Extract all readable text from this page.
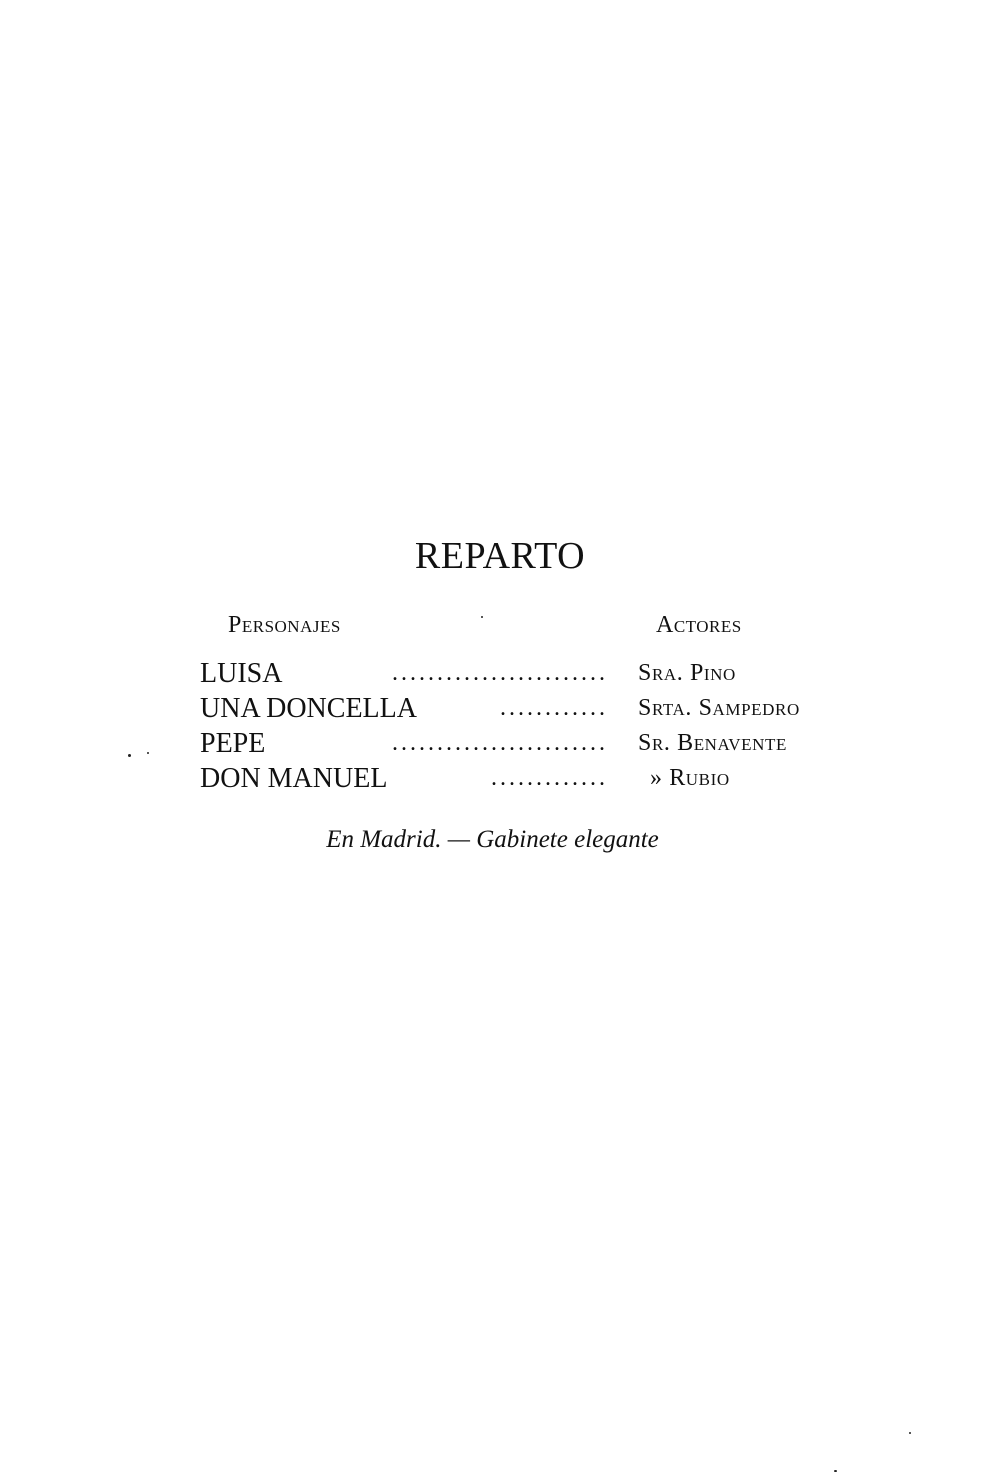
REPARTO
Personajes	Actores
LUISA	........................ Sra. Pino
UNA DONCELLA	............ Srta. Sampedro
PEPE	........................ Sr. Benavente
DON MANUEL	............. » Rubio

En Madrid. — Gabinete elegante
